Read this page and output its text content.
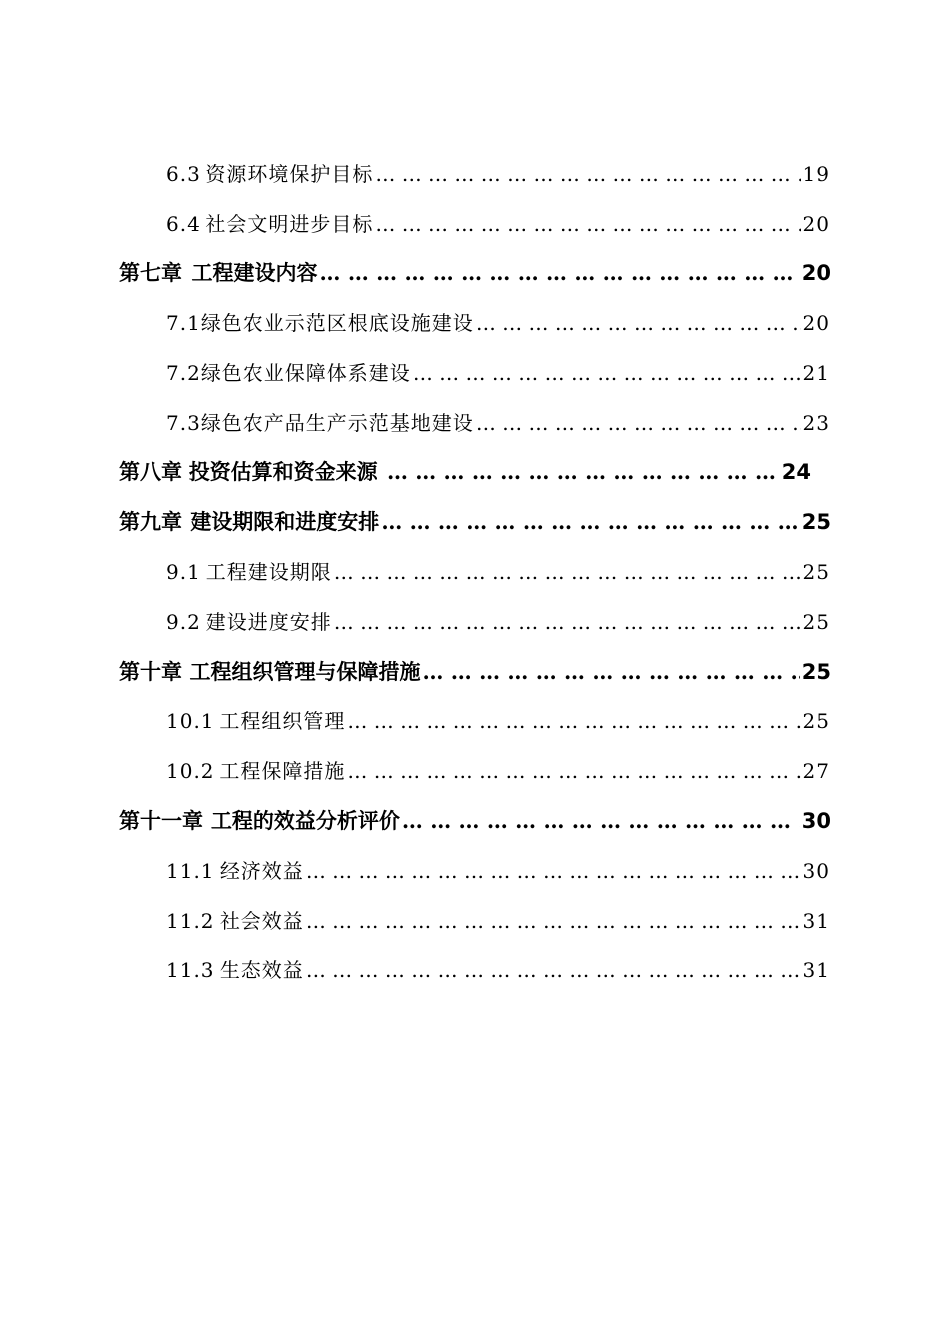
6.3 资源环境保护目标 … … … … … … … … … … … … … … … … … … … … … … … … … … … … … … … … … … … … … … … … … … … … … … … … … …	19
6.4 社会文明进步目标 … … … … … … … … … … … … … … … … … … … … … … … … … … … … … … … … … … … … … … … … … … … … … … … … … …	20
第七章 工程建设内容 … … … … … … … … … … … … … … … … … … … … … … … … … … … … … … … … … … … … … … … … … … … … … … … … … …	20
7.1 绿色农业示范区根底设施建设 … … … … … … … … … … … … … … … … … … … … … … … … … … … … … … … … … … … … … … … … … … … … … … … … … …	20
7.2 绿色农业保障体系建设 … … … … … … … … … … … … … … … … … … … … … … … … … … … … … … … … … … … … … … … … … … … … … … … … … …	21
7.3 绿色农产品生产示范基地建设 … … … … … … … … … … … … … … … … … … … … … … … … … … … … … … … … … … … … … … … … … … … … … … … … … …	23
第八章 投资估算和资金来源 … … … … … … … … … … … … … … … … … … … … … … … … … … … … … … … … … … … … … … … … … … … … … … … … … …	24
第九章 建设期限和进度安排 … … … … … … … … … … … … … … … … … … … … … … … … … … … … … … … … … … … … … … … … … … … … … … … … … …	25
9.1 工程建设期限 … … … … … … … … … … … … … … … … … … … … … … … … … … … … … … … … … … … … … … … … … … … … … … … … … …	25
9.2 建设进度安排 … … … … … … … … … … … … … … … … … … … … … … … … … … … … … … … … … … … … … … … … … … … … … … … … … …	25
第十章 工程组织管理与保障措施 … … … … … … … … … … … … … … … … … … … … … … … … … … … … … … … … … … … … … … … … … … … … … … … … … …	25
10.1 工程组织管理 … … … … … … … … … … … … … … … … … … … … … … … … … … … … … … … … … … … … … … … … … … … … … … … … … …	25
10.2 工程保障措施 … … … … … … … … … … … … … … … … … … … … … … … … … … … … … … … … … … … … … … … … … … … … … … … … … …	27
第十一章 工程的效益分析评价 … … … … … … … … … … … … … … … … … … … … … … … … … … … … … … … … … … … … … … … … … … … … … … … … … …	30
11.1 经济效益 … … … … … … … … … … … … … … … … … … … … … … … … … … … … … … … … … … … … … … … … … … … … … … … … … …	30
11.2 社会效益 … … … … … … … … … … … … … … … … … … … … … … … … … … … … … … … … … … … … … … … … … … … … … … … … … …	31
11.3 生态效益 … … … … … … … … … … … … … … … … … … … … … … … … … … … … … … … … … … … … … … … … … … … … … … … … … …	31
